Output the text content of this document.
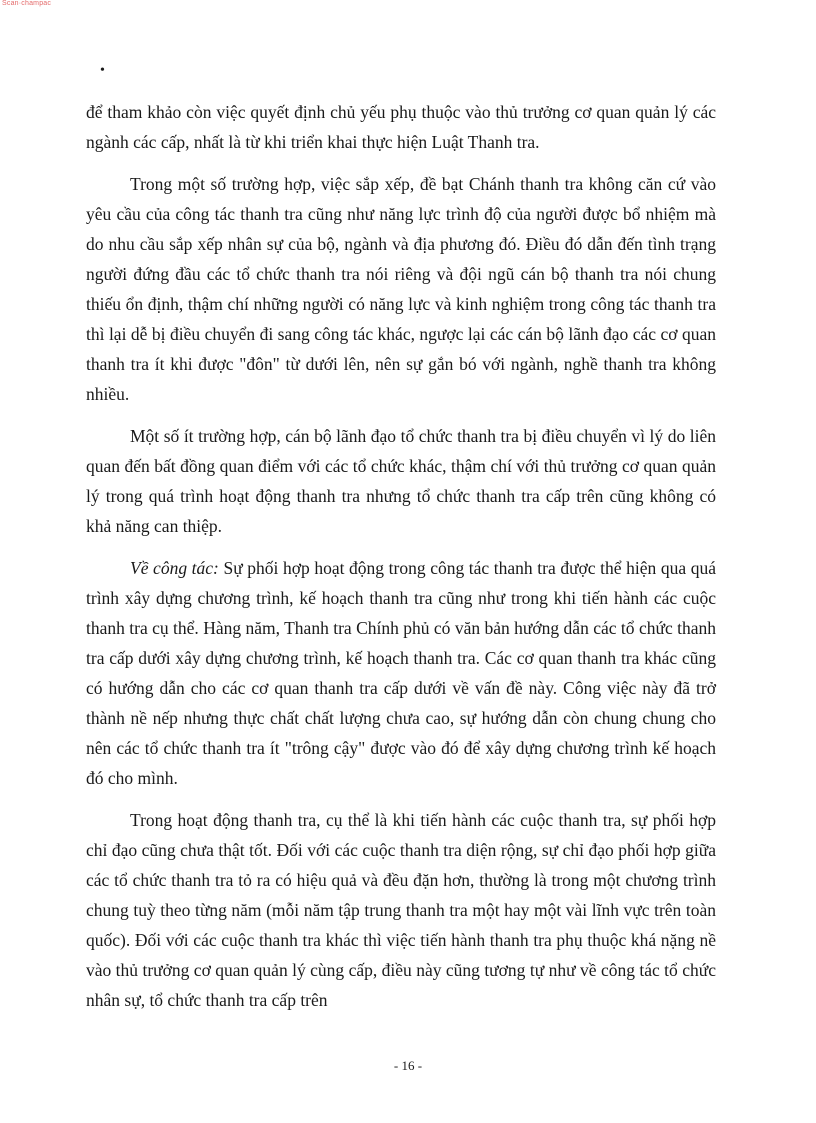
Scan·champac
•

để tham khảo còn việc quyết định chủ yếu phụ thuộc vào thủ trưởng cơ quan quản lý các ngành các cấp, nhất là từ khi triển khai thực hiện Luật Thanh tra.

Trong một số trường hợp, việc sắp xếp, đề bạt Chánh thanh tra không căn cứ vào yêu cầu của công tác thanh tra cũng như năng lực trình độ của người được bổ nhiệm mà do nhu cầu sắp xếp nhân sự của bộ, ngành và địa phương đó. Điều đó dẫn đến tình trạng người đứng đầu các tổ chức thanh tra nói riêng và đội ngũ cán bộ thanh tra nói chung thiếu ổn định, thậm chí những người có năng lực và kinh nghiệm trong công tác thanh tra thì lại dễ bị điều chuyển đi sang công tác khác, ngược lại các cán bộ lãnh đạo các cơ quan thanh tra ít khi được "đôn" từ dưới lên, nên sự gắn bó với ngành, nghề thanh tra không nhiều.

Một số ít trường hợp, cán bộ lãnh đạo tổ chức thanh tra bị điều chuyển vì lý do liên quan đến bất đồng quan điểm với các tổ chức khác, thậm chí với thủ trưởng cơ quan quản lý trong quá trình hoạt động thanh tra nhưng tổ chức thanh tra cấp trên cũng không có khả năng can thiệp.

Về công tác: Sự phối hợp hoạt động trong công tác thanh tra được thể hiện qua quá trình xây dựng chương trình, kế hoạch thanh tra cũng như trong khi tiến hành các cuộc thanh tra cụ thể. Hàng năm, Thanh tra Chính phủ có văn bản hướng dẫn các tổ chức thanh tra cấp dưới xây dựng chương trình, kế hoạch thanh tra. Các cơ quan thanh tra khác cũng có hướng dẫn cho các cơ quan thanh tra cấp dưới về vấn đề này. Công việc này đã trở thành nề nếp nhưng thực chất chất lượng chưa cao, sự hướng dẫn còn chung chung cho nên các tổ chức thanh tra ít "trông cậy" được vào đó để xây dựng chương trình kế hoạch đó cho mình.

Trong hoạt động thanh tra, cụ thể là khi tiến hành các cuộc thanh tra, sự phối hợp chỉ đạo cũng chưa thật tốt. Đối với các cuộc thanh tra diện rộng, sự chỉ đạo phối hợp giữa các tổ chức thanh tra tỏ ra có hiệu quả và đều đặn hơn, thường là trong một chương trình chung tuỳ theo từng năm (mỗi năm tập trung thanh tra một hay một vài lĩnh vực trên toàn quốc). Đối với các cuộc thanh tra khác thì việc tiến hành thanh tra phụ thuộc khá nặng nề vào thủ trưởng cơ quan quản lý cùng cấp, điều này cũng tương tự như về công tác tổ chức nhân sự, tổ chức thanh tra cấp trên

- 16 -
